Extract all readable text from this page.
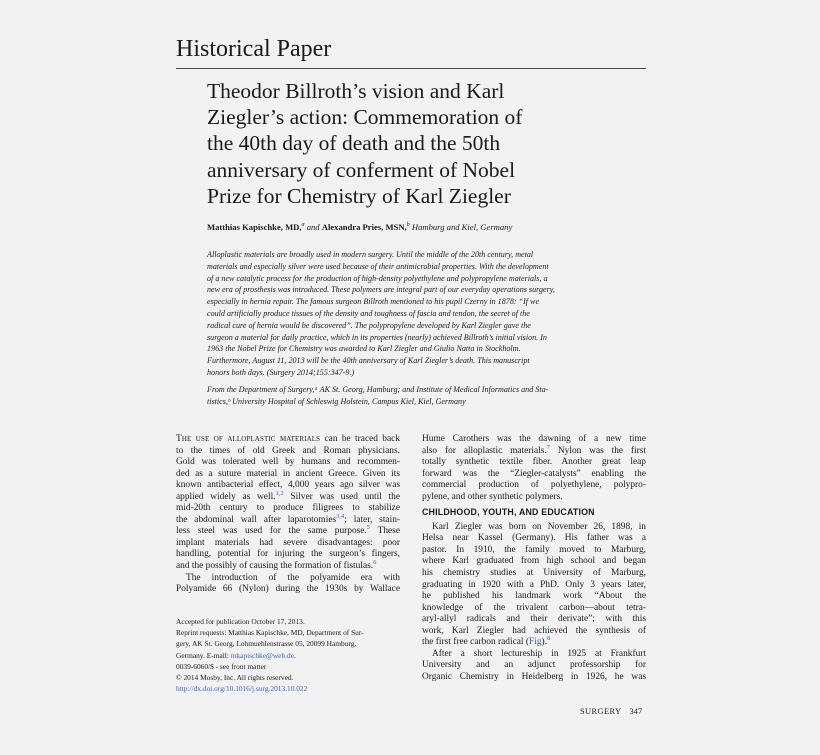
Historical Paper
Theodor Billroth’s vision and Karl
Ziegler’s action: Commemoration of
the 40th day of death and the 50th
anniversary of conferment of Nobel
Prize for Chemistry of Karl Ziegler
Matthias Kapischke, MD,$^a$ and Alexandra Pries, MSN,$^b$ Hamburg and Kiel, Germany
Alloplastic materials are broadly used in modern surgery. Until the middle of the 20th century, metal
materials and especially silver were used because of their antimicrobial properties. With the development
of a new catalytic process for the production of high-density polyethylene and polypropylene materials, a
new era of prosthesis was introduced. These polymers are integral part of our everyday operations surgery,
especially in hernia repair. The famous surgeon Billroth mentioned to his pupil Czerny in 1878: “If we
could artificially produce tissues of the density and toughness of fascia and tendon, the secret of the
radical cure of hernia would be discovered”. The polypropylene developed by Karl Ziegler gave the
surgeon a material for daily practice, which in its properties (nearly) achieved Billroth’s initial vision. In
1963 the Nobel Prize for Chemistry was awarded to Karl Ziegler and Giulio Natta in Stockholm.
Furthermore, August 11, 2013 will be the 40th anniversary of Karl Ziegler’s death. This manuscript
honors both days. (Surgery 2014;155:347-9.)
From the Department of Surgery,ᵃ AK St. Georg, Hamburg; and Institute of Medical Informatics and Sta-
tistics,ᵇ University Hospital of Schleswig Holstein, Campus Kiel, Kiel, Germany
The use of alloplastic materials can be traced back
to the times of old Greek and Roman physicians.
Gold was tolerated well by humans and recommen-
ded as a suture material in ancient Greece. Given its
known antibacterial effect, 4,000 years ago silver was
applied widely as well.$^{1,2}$ Silver was used until the
mid-20th century to produce filigrees to stabilize
the abdominal wall after laparotomies$^{3,4}$; later, stain-
less steel was used for the same purpose.$^5$ These
implant materials had severe disadvantages: poor
handling, potential for injuring the surgeon’s fingers,
and the possibly of causing the formation of fistulas.$^6$
The introduction of the polyamide era with
Polyamide 66 (Nylon) during the 1930s by Wallace
Accepted for publication October 17, 2013.
Reprint requests: Matthias Kapischke, MD, Department of Sur-
gery, AK St. Georg, Lohmuehlenstrasse 05, 20099 Hamburg,
Germany. E-mail: mkapischke@web.de.
0039-6060/$ - see front matter
© 2014 Mosby, Inc. All rights reserved.
http://dx.doi.org/10.1016/j.surg.2013.10.022
Hume Carothers was the dawning of a new time
also for alloplastic materials.$^7$ Nylon was the first
totally synthetic textile fiber. Another great leap
forward was the “Ziegler-catalysts” enabling the
commercial production of polyethylene, polypro-
pylene, and other synthetic polymers.
CHILDHOOD, YOUTH, AND EDUCATION
Karl Ziegler was born on November 26, 1898, in
Helsa near Kassel (Germany). His father was a
pastor. In 1910, the family moved to Marburg,
where Karl graduated from high school and began
his chemistry studies at University of Marburg,
graduating in 1920 with a PhD. Only 3 years later,
he published his landmark work “About the
knowledge of the trivalent carbon—about tetra-
aryl-allyl radicals and their derivate”; with this
work, Karl Ziegler had achieved the synthesis of
the first free carbon radical (Fig).$^8$
After a short lectureship in 1925 at Frankfurt
University and an adjunct professorship for
Organic Chemistry in Heidelberg in 1926, he was
SURGERY 347
